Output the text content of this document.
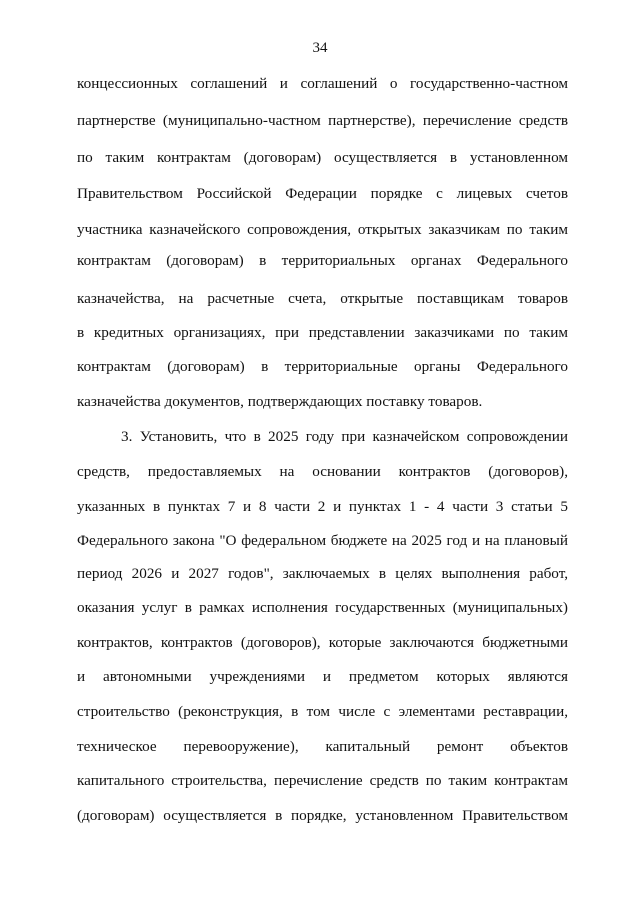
34
концессионных соглашений и соглашений о государственно-частном
партнерстве (муниципально-частном партнерстве), перечисление средств
по таким контрактам (договорам) осуществляется в установленном
Правительством Российской Федерации порядке с лицевых счетов
участника казначейского сопровождения, открытых заказчикам по таким
контрактам (договорам) в территориальных органах Федерального
казначейства, на расчетные счета, открытые поставщикам товаров
в кредитных организациях, при представлении заказчиками по таким
контрактам (договорам) в территориальные органы Федерального
казначейства документов, подтверждающих поставку товаров.
3. Установить, что в 2025 году при казначейском сопровождении
средств, предоставляемых на основании контрактов (договоров),
указанных в пунктах 7 и 8 части 2 и пунктах 1 - 4 части 3 статьи 5
Федерального закона "О федеральном бюджете на 2025 год и на плановый
период 2026 и 2027 годов", заключаемых в целях выполнения работ,
оказания услуг в рамках исполнения государственных (муниципальных)
контрактов, контрактов (договоров), которые заключаются бюджетными
и автономными учреждениями и предметом которых являются
строительство (реконструкция, в том числе с элементами реставрации,
техническое перевооружение), капитальный ремонт объектов
капитального строительства, перечисление средств по таким контрактам
(договорам) осуществляется в порядке, установленном Правительством
